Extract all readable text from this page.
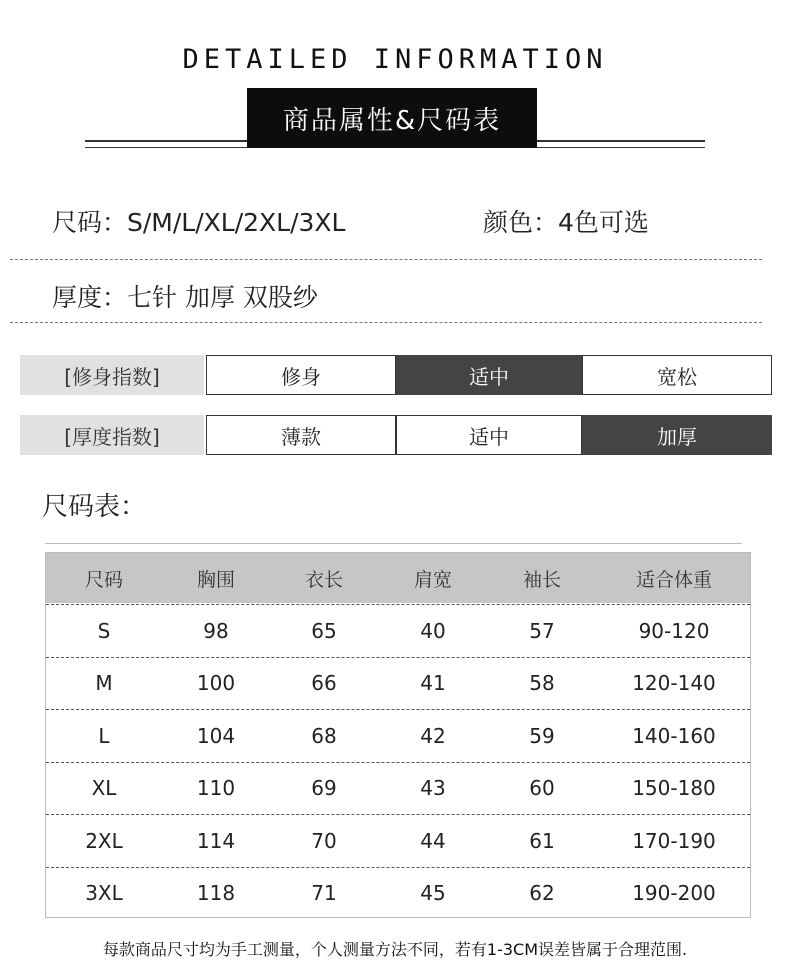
DETAILED INFORMATION
商品属性&尺码表
尺码：S/M/L/XL/2XL/3XL	颜色：4色可选
厚度：七针 加厚 双股纱
[修身指数]	修身	适中	宽松
[厚度指数]	薄款	适中	加厚
尺码表：
尺码	胸围	衣长	肩宽	袖长	适合体重
S	98	65	40	57	90-120
M	100	66	41	58	120-140
L	104	68	42	59	140-160
XL	110	69	43	60	150-180
2XL	114	70	44	61	170-190
3XL	118	71	45	62	190-200
每款商品尺寸均为手工测量，个人测量方法不同，若有1-3CM误差皆属于合理范围.
